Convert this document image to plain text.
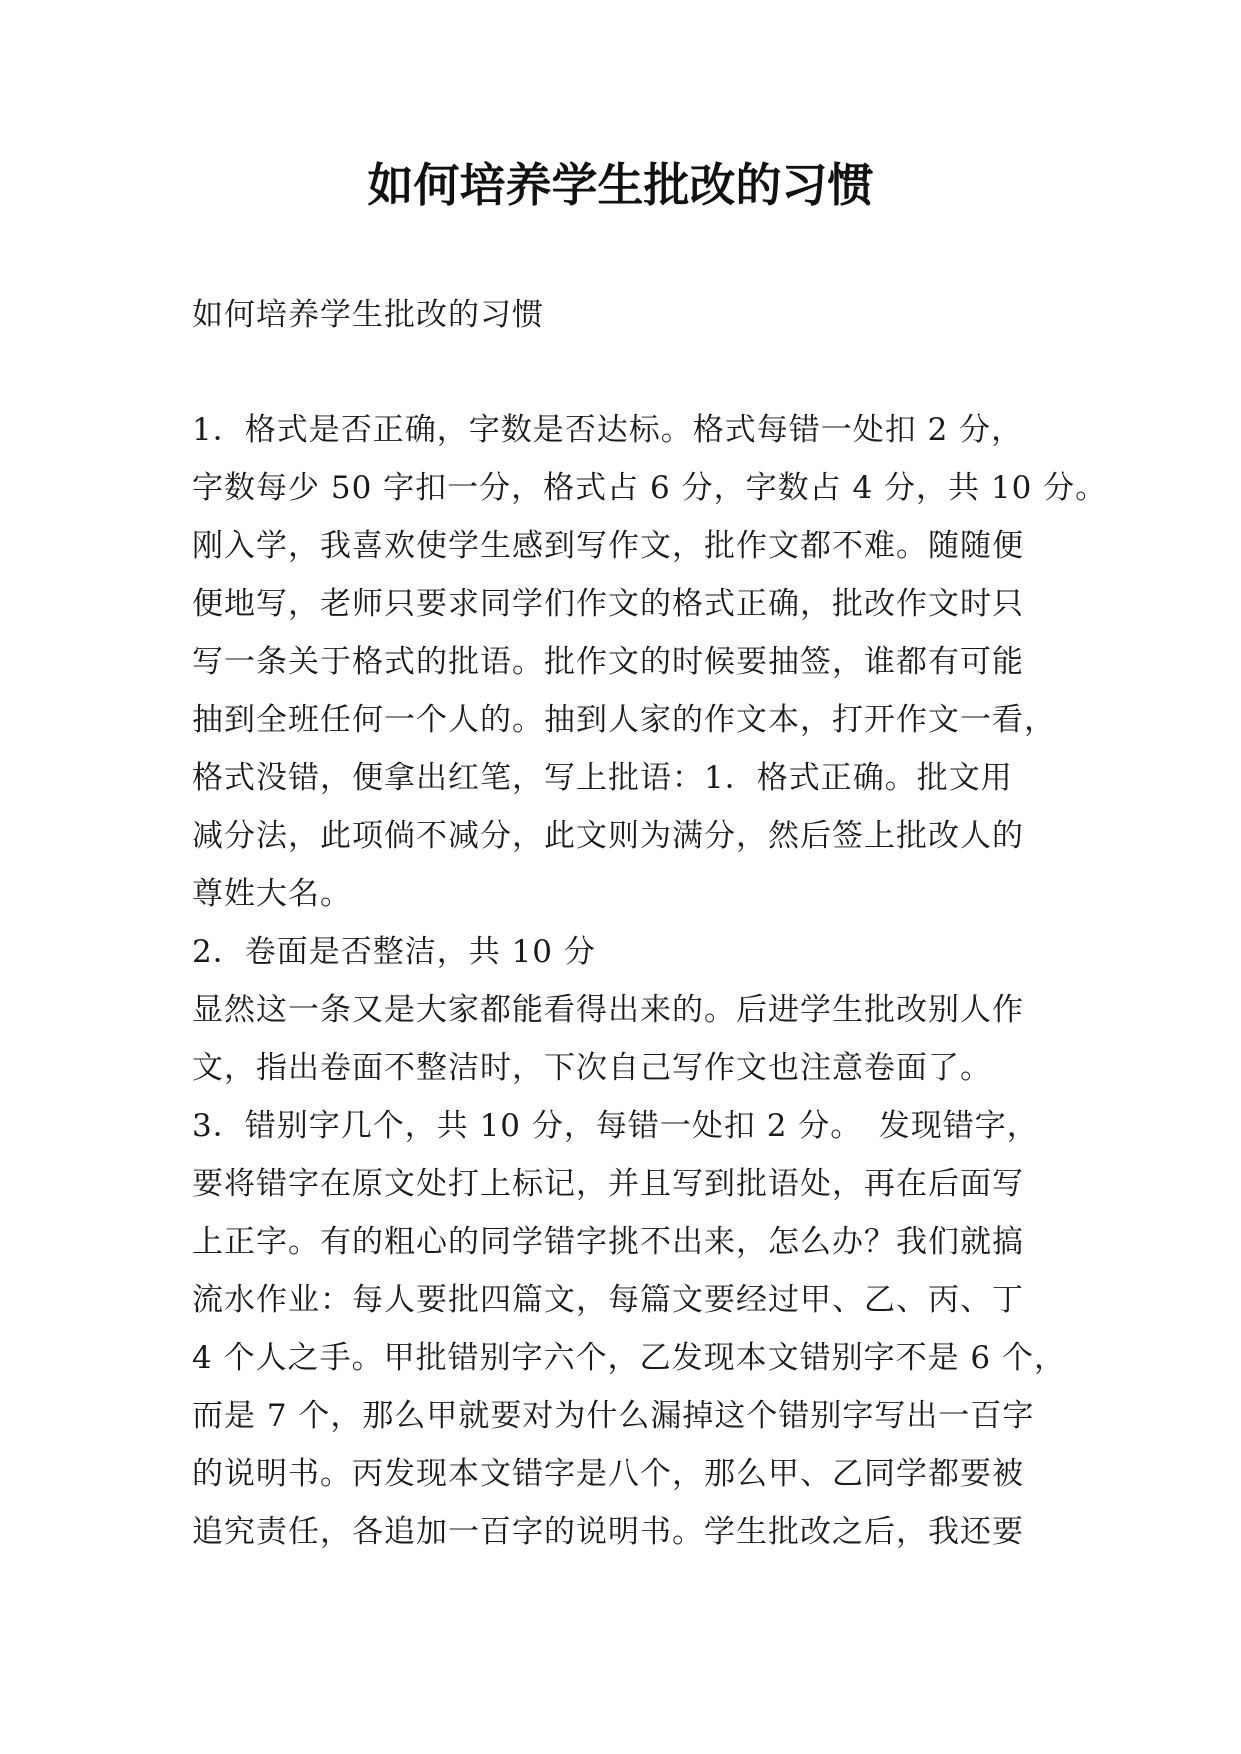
如何培养学生批改的习惯
如何培养学生批改的习惯
1．格式是否正确，字数是否达标。格式每错一处扣 2 分，
字数每少 50 字扣一分，格式占 6 分，字数占 4 分，共 10 分。
刚入学，我喜欢使学生感到写作文，批作文都不难。随随便
便地写，老师只要求同学们作文的格式正确，批改作文时只
写一条关于格式的批语。批作文的时候要抽签，谁都有可能
抽到全班任何一个人的。抽到人家的作文本，打开作文一看，
格式没错，便拿出红笔，写上批语：1．格式正确。批文用
减分法，此项倘不减分，此文则为满分，然后签上批改人的
尊姓大名。
2．卷面是否整洁，共 10 分
显然这一条又是大家都能看得出来的。后进学生批改别人作
文，指出卷面不整洁时，下次自己写作文也注意卷面了。
3．错别字几个，共 10 分，每错一处扣 2 分。　发现错字，
要将错字在原文处打上标记，并且写到批语处，再在后面写
上正字。有的粗心的同学错字挑不出来，怎么办？我们就搞
流水作业：每人要批四篇文，每篇文要经过甲、乙、丙、丁
4 个人之手。甲批错别字六个，乙发现本文错别字不是 6 个，
而是 7 个，那么甲就要对为什么漏掉这个错别字写出一百字
的说明书。丙发现本文错字是八个，那么甲、乙同学都要被
追究责任，各追加一百字的说明书。学生批改之后，我还要
